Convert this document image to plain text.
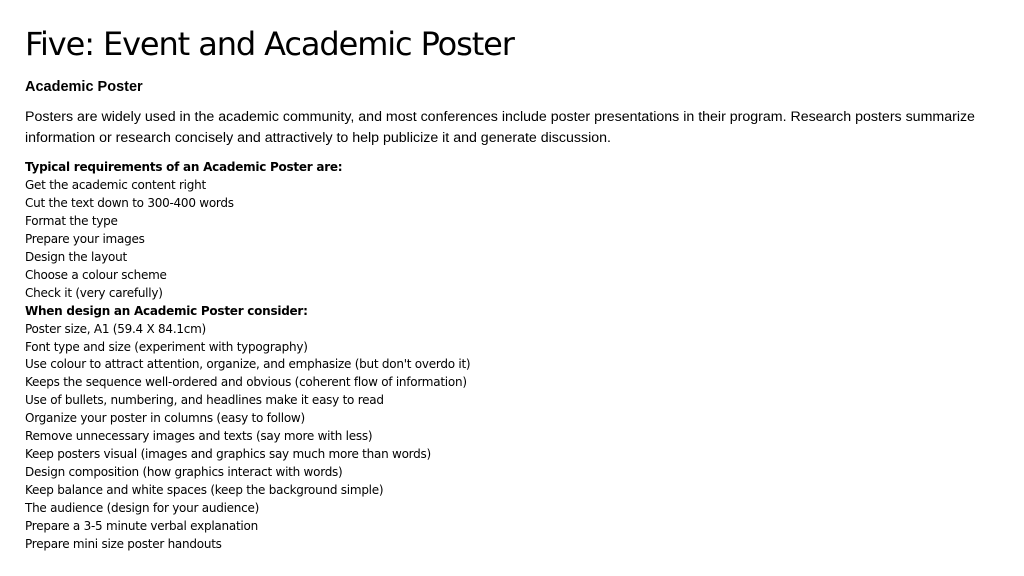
Five: Event and Academic Poster
Academic Poster

Posters are widely used in the academic community, and most conferences include poster presentations in their program. Research posters summarize information or research concisely and attractively to help publicize it and generate discussion.

Typical requirements of an Academic Poster are:
Get the academic content right
Cut the text down to 300-400 words
Format the type
Prepare your images
Design the layout
Choose a colour scheme
Check it (very carefully)
When design an Academic Poster consider:
Poster size, A1 (59.4 X 84.1cm)
Font type and size (experiment with typography)
Use colour to attract attention, organize, and emphasize (but don't overdo it)
Keeps the sequence well-ordered and obvious (coherent flow of information)
Use of bullets, numbering, and headlines make it easy to read
Organize your poster in columns (easy to follow)
Remove unnecessary images and texts (say more with less)
Keep posters visual (images and graphics say much more than words)
Design composition (how graphics interact with words)
Keep balance and white spaces (keep the background simple)
The audience (design for your audience)
Prepare a 3-5 minute verbal explanation
Prepare mini size poster handouts
